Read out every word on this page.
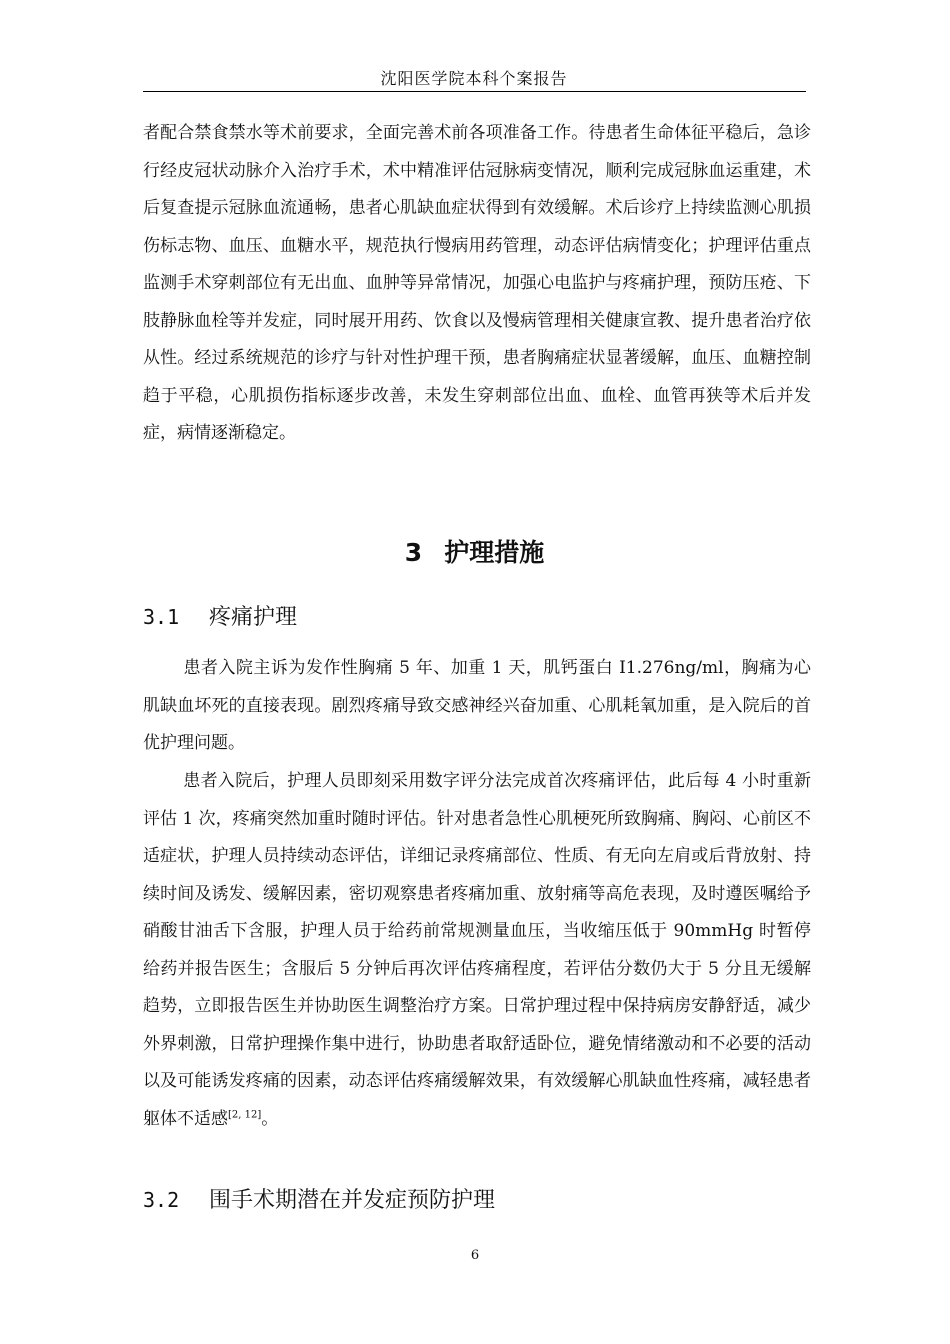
沈阳医学院本科个案报告

者配合禁食禁水等术前要求，全面完善术前各项准备工作。待患者生命体征平稳后，急诊行经皮冠状动脉介入治疗手术，术中精准评估冠脉病变情况，顺利完成冠脉血运重建，术后复查提示冠脉血流通畅，患者心肌缺血症状得到有效缓解。术后诊疗上持续监测心肌损伤标志物、血压、血糖水平，规范执行慢病用药管理，动态评估病情变化；护理评估重点监测手术穿刺部位有无出血、血肿等异常情况，加强心电监护与疼痛护理，预防压疮、下肢静脉血栓等并发症，同时展开用药、饮食以及慢病管理相关健康宣教、提升患者治疗依从性。经过系统规范的诊疗与针对性护理干预，患者胸痛症状显著缓解，血压、血糖控制趋于平稳，心肌损伤指标逐步改善，未发生穿刺部位出血、血栓、血管再狭等术后并发症，病情逐渐稳定。

3 护理措施
3.1 疼痛护理

患者入院主诉为发作性胸痛 5 年、加重 1 天，肌钙蛋白 I1.276ng/ml，胸痛为心肌缺血坏死的直接表现。剧烈疼痛导致交感神经兴奋加重、心肌耗氧加重，是入院后的首优护理问题。

患者入院后，护理人员即刻采用数字评分法完成首次疼痛评估，此后每 4 小时重新评估 1 次，疼痛突然加重时随时评估。针对患者急性心肌梗死所致胸痛、胸闷、心前区不适症状，护理人员持续动态评估，详细记录疼痛部位、性质、有无向左肩或后背放射、持续时间及诱发、缓解因素，密切观察患者疼痛加重、放射痛等高危表现，及时遵医嘱给予硝酸甘油舌下含服，护理人员于给药前常规测量血压，当收缩压低于 90mmHg 时暂停给药并报告医生；含服后 5 分钟后再次评估疼痛程度，若评估分数仍大于 5 分且无缓解趋势，立即报告医生并协助医生调整治疗方案。日常护理过程中保持病房安静舒适，减少外界刺激，日常护理操作集中进行，协助患者取舒适卧位，避免情绪激动和不必要的活动以及可能诱发疼痛的因素，动态评估疼痛缓解效果，有效缓解心肌缺血性疼痛，减轻患者躯体不适感[2, 12]。

3.2 围手术期潜在并发症预防护理
6
